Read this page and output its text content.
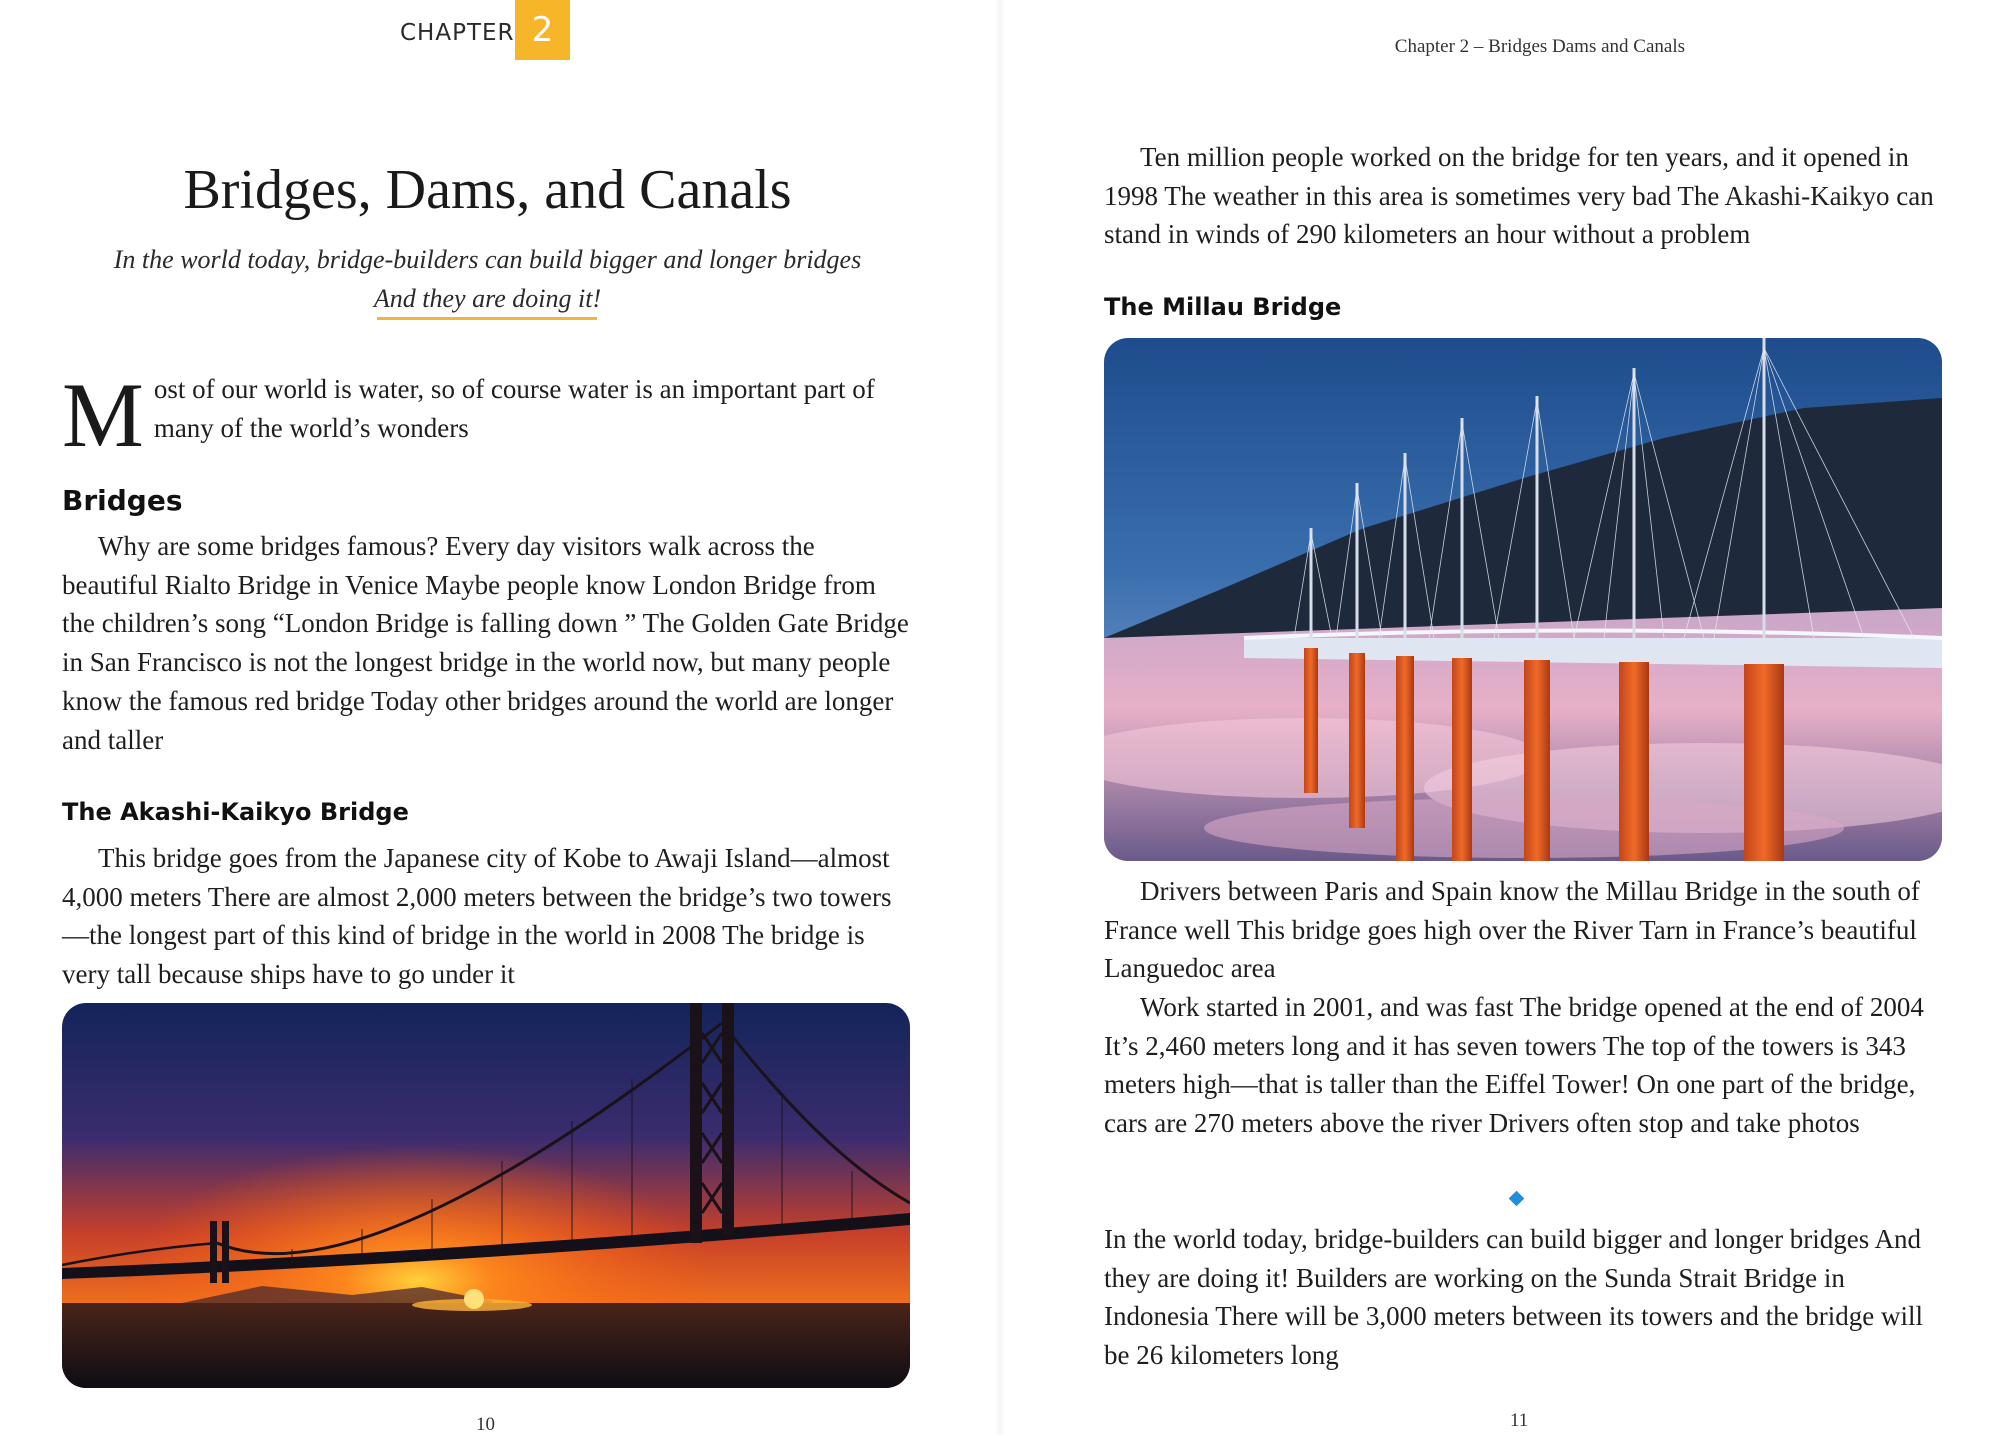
CHAPTER 2
Bridges, Dams, and Canals
In the world today, bridge-builders can build bigger and longer bridges
And they are doing it!
M ost of our world is water, so of course water is an important part of many of the world’s wonders

Bridges

Why are some bridges famous? Every day visitors walk across the beautiful Rialto Bridge in Venice Maybe people know London Bridge from the children’s song “London Bridge is falling down ” The Golden Gate Bridge in San Francisco is not the longest bridge in the world now, but many people know the famous red bridge Today other bridges around the world are longer and taller

The Akashi-Kaikyo Bridge

This bridge goes from the Japanese city of Kobe to Awaji Island—almost 4,000 meters There are almost 2,000 meters between the bridge’s two towers—the longest part of this kind of bridge in the world in 2008 The bridge is very tall because ships have to go under it

10
Chapter 2 – Bridges Dams and Canals

Ten million people worked on the bridge for ten years, and it opened in 1998 The weather in this area is sometimes very bad The Akashi-Kaikyo can stand in winds of 290 kilometers an hour without a problem

The Millau Bridge

Drivers between Paris and Spain know the Millau Bridge in the south of France well This bridge goes high over the River Tarn in France’s beautiful Languedoc area

Work started in 2001, and was fast The bridge opened at the end of 2004 It’s 2,460 meters long and it has seven towers The top of the towers is 343 meters high—that is taller than the Eiffel Tower! On one part of the bridge, cars are 270 meters above the river Drivers often stop and take photos

In the world today, bridge-builders can build bigger and longer bridges And they are doing it! Builders are working on the Sunda Strait Bridge in Indonesia There will be 3,000 meters between its towers and the bridge will be 26 kilometers long

11
